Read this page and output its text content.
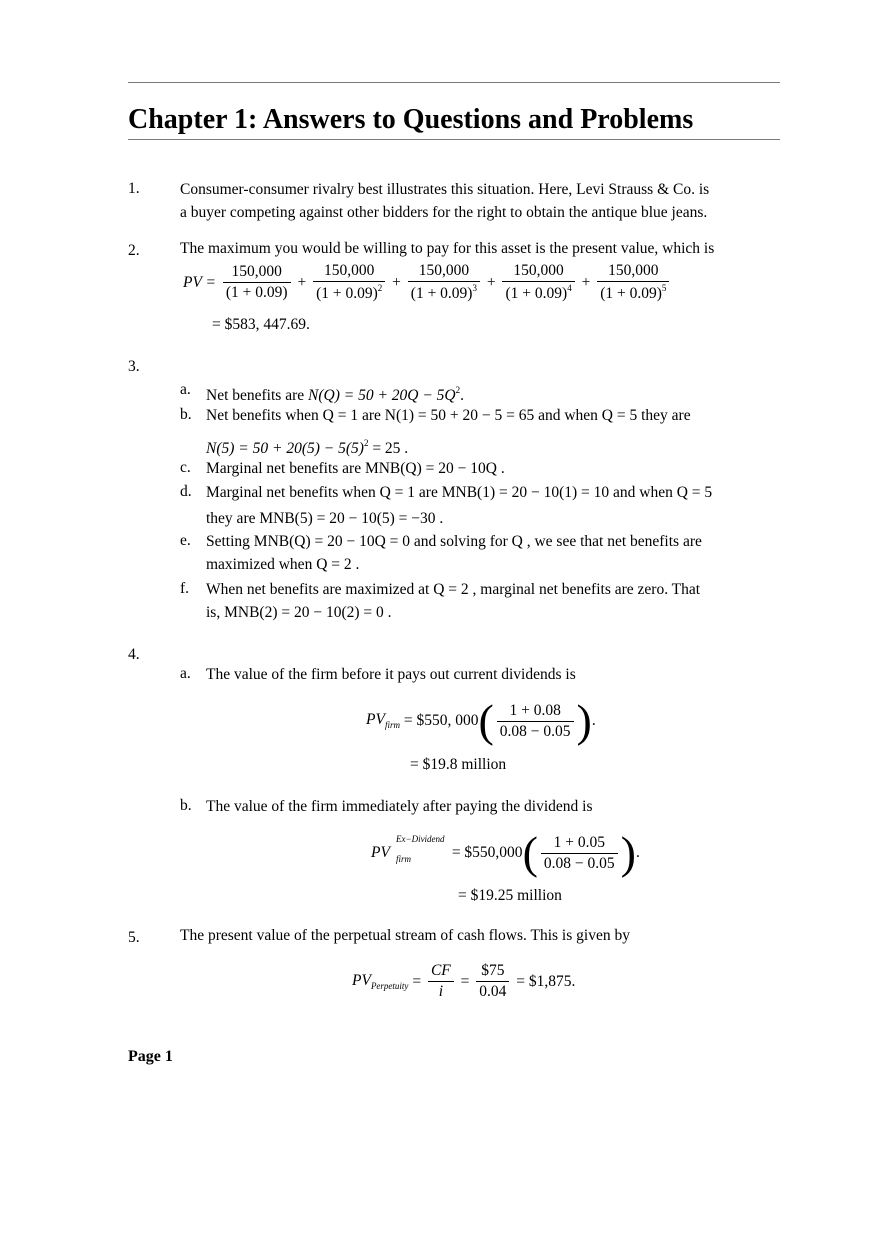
Chapter 1: Answers to Questions and Problems
1.	Consumer-consumer rivalry best illustrates this situation. Here, Levi Strauss & Co. is
a buyer competing against other bidders for the right to obtain the antique blue jeans.
2.	The maximum you would be willing to pay for this asset is the present value, which is
PV = $\frac{150,000}{(1 + 0.09)} + \frac{150,000}{(1 + 0.09)^2} + \frac{150,000}{(1 + 0.09)^3} + \frac{150,000}{(1 + 0.09)^4} + \frac{150,000}{(1 + 0.09)^5}$
= $583, 447.69.
3.
a. Net benefits are $N(Q) = 50 + 20Q - 5Q^2$.
b. Net benefits when Q = 1 are N(1) = 50 + 20 − 5 = 65 and when Q = 5 they are
$N(5) = 50 + 20(5) - 5(5)^2 = 25$ .
c. Marginal net benefits are MNB(Q) = 20 − 10Q .
d. Marginal net benefits when Q = 1 are MNB(1) = 20 − 10(1) = 10 and when Q = 5
they are MNB(5) = 20 − 10(5) = −30 .
e. Setting MNB(Q) = 20 − 10Q = 0 and solving for Q , we see that net benefits are
maximized when Q = 2 .
f. When net benefits are maximized at Q = 2 , marginal net benefits are zero. That
is, MNB(2) = 20 − 10(2) = 0 .
4.
a. The value of the firm before it pays out current dividends is
$PV_{firm}$ = $550, $000( \frac{1 + 0.08}{0.08 - 0.05}$ ).
= $19.8 million
b. The value of the firm immediately after paying the dividend is
PV
Ex−Dividend
firm	= $550,000( $\frac{1 + 0.05}{0.08 - 0.05}$ ).
= $19.25 million
5.	The present value of the perpetual stream of cash flows. This is given by
$PV_{Perpetuity} = \frac{CF}{i} = \frac{\$75}{0.04}$ = $1,875.
Page 1
